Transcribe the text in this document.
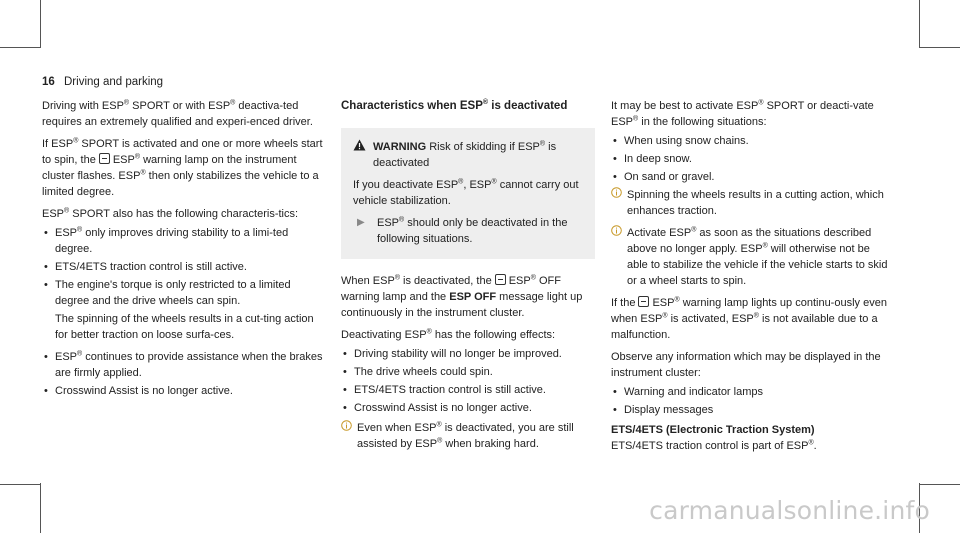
16 Driving and parking

Driving with ESP® SPORT or with ESP® deactiva-ted requires an extremely qualified and experi-enced driver.

If ESP® SPORT is activated and one or more wheels start to spin, the ESP® warning lamp on the instrument cluster flashes. ESP® then only stabilizes the vehicle to a limited degree.

ESP® SPORT also has the following characteris-tics:

• ESP® only improves driving stability to a limi-ted degree.
• ETS/4ETS traction control is still active.
• The engine's torque is only restricted to a limited degree and the drive wheels can spin.

The spinning of the wheels results in a cut-ting action for better traction on loose surfa-ces.

• ESP® continues to provide assistance when the brakes are firmly applied.
• Crosswind Assist is no longer active.
Characteristics when ESP® is deactivated
WARNING Risk of skidding if ESP® is deactivated

If you deactivate ESP®, ESP® cannot carry out vehicle stabilization.

▶	ESP® should only be deactivated in the following situations.

When ESP® is deactivated, the ESP® OFF warning lamp and the ESP OFF message light up continuously in the instrument cluster.

Deactivating ESP® has the following effects:

• Driving stability will no longer be improved.
• The drive wheels could spin.
• ETS/4ETS traction control is still active.
• Crosswind Assist is no longer active.
Even when ESP® is deactivated, you are still assisted by ESP® when braking hard.

It may be best to activate ESP® SPORT or deacti-vate ESP® in the following situations:

• When using snow chains.
• In deep snow.
• On sand or gravel.
Spinning the wheels results in a cutting action, which enhances traction.
Activate ESP® as soon as the situations described above no longer apply. ESP® will otherwise not be able to stabilize the vehicle if the vehicle starts to skid or a wheel starts to spin.

If the ESP® warning lamp lights up continu-ously even when ESP® is activated, ESP® is not available due to a malfunction.

Observe any information which may be displayed in the instrument cluster:

• Warning and indicator lamps
• Display messages
ETS/4ETS (Electronic Traction System)

ETS/4ETS traction control is part of ESP®.

carmanualsonline.info
